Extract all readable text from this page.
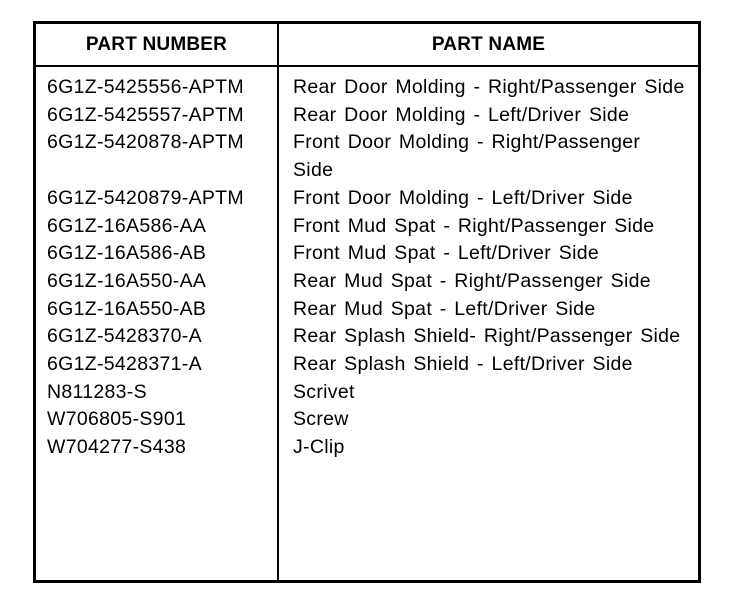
PART NUMBER	PART NAME
6G1Z-5425556-APTM	Rear Door Molding - Right/Passenger Side
6G1Z-5425557-APTM	Rear Door Molding - Left/Driver Side
6G1Z-5420878-APTM	Front Door Molding - Right/Passenger Side
6G1Z-5420879-APTM	Front Door Molding - Left/Driver Side
6G1Z-16A586-AA	Front Mud Spat - Right/Passenger Side
6G1Z-16A586-AB	Front Mud Spat - Left/Driver Side
6G1Z-16A550-AA	Rear Mud Spat - Right/Passenger Side
6G1Z-16A550-AB	Rear Mud Spat - Left/Driver Side
6G1Z-5428370-A	Rear Splash Shield- Right/Passenger Side
6G1Z-5428371-A	Rear Splash Shield - Left/Driver Side
N811283-S	Scrivet
W706805-S901	Screw
W704277-S438	J-Clip
